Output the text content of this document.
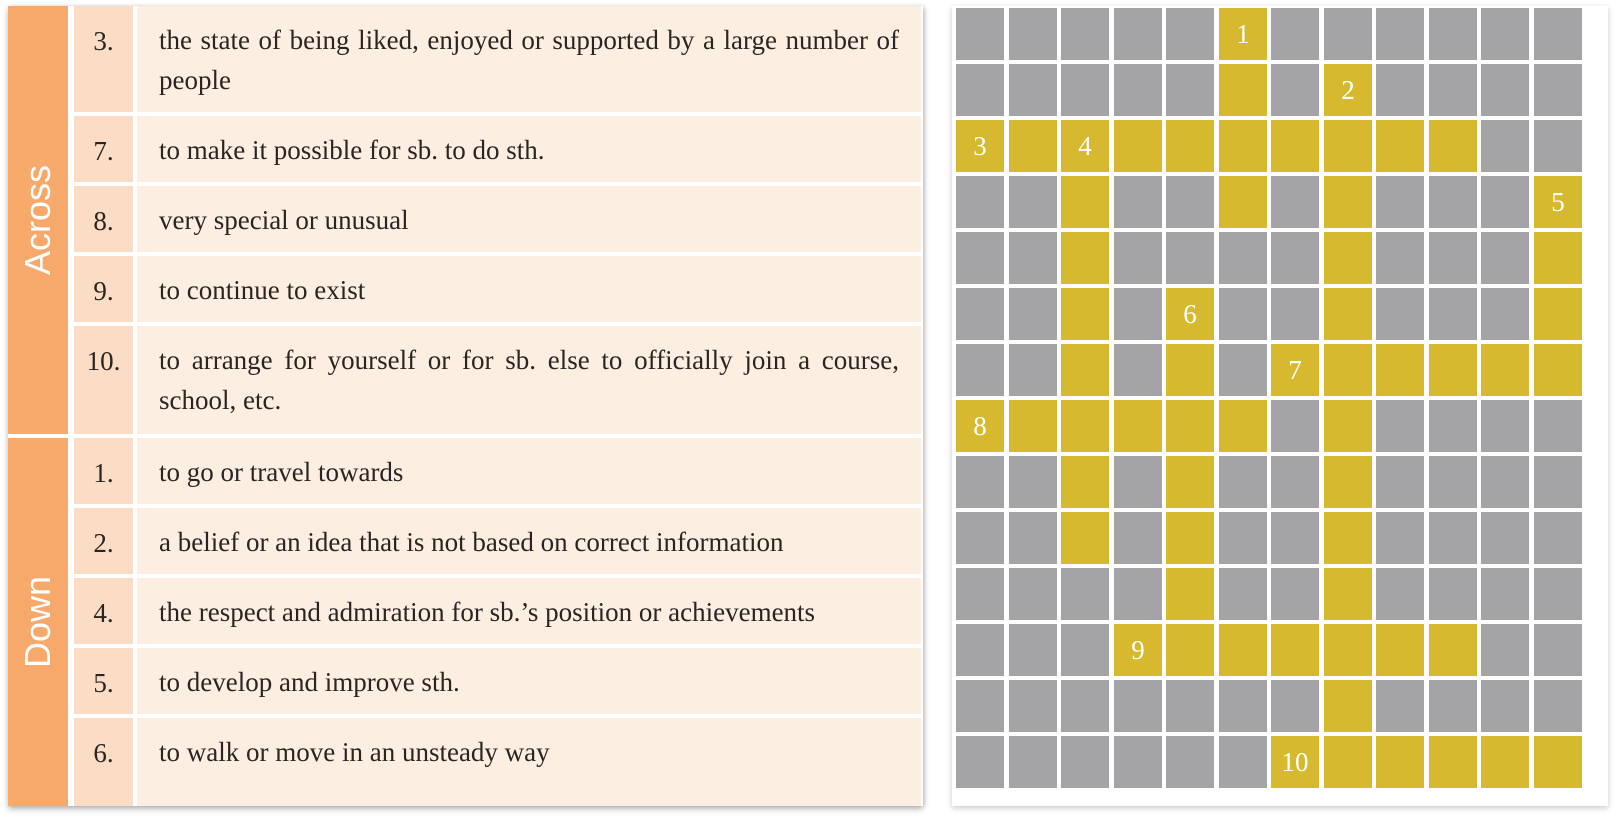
Across
Down
3.	the state of being liked, enjoyed or supported by a large number of people
7.	to make it possible for sb. to do sth.
8.	very special or unusual
9.	to continue to exist
10.	to arrange for yourself or for sb. else to officially join a course, school, etc.
1.	to go or travel towards
2.	a belief or an idea that is not based on correct information
4.	the respect and admiration for sb.’s position or achievements
5.	to develop and improve sth.
6.	to walk or move in an unsteady way
1
2
3	4
5
6
7
8
9
10
